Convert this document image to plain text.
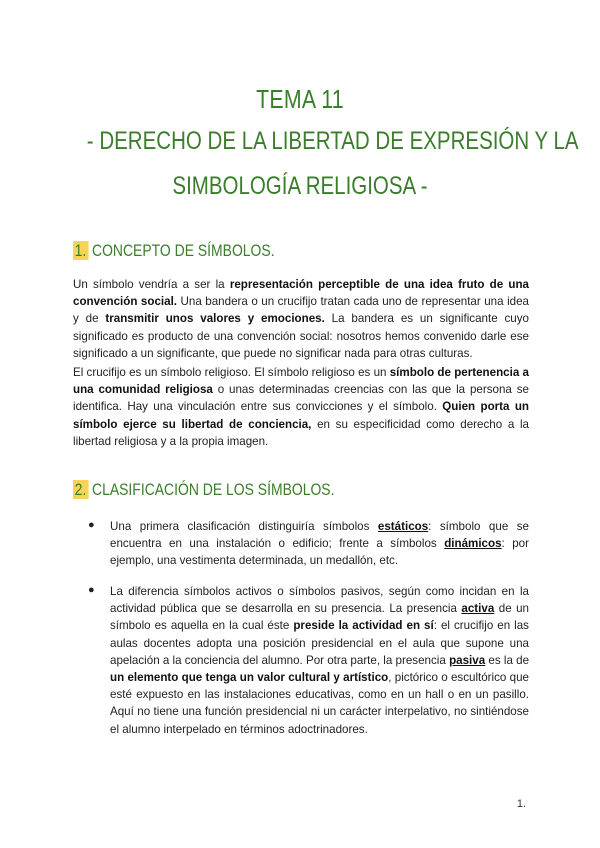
TEMA 11
- DERECHO DE LA LIBERTAD DE EXPRESIÓN Y LA
SIMBOLOGÍA RELIGIOSA -
1. CONCEPTO DE SÍMBOLOS.
Un símbolo vendría a ser la representación perceptible de una idea fruto de una convención social. Una bandera o un crucifijo tratan cada uno de representar una idea y de transmitir unos valores y emociones. La bandera es un significante cuyo significado es producto de una convención social: nosotros hemos convenido darle ese significado a un significante, que puede no significar nada para otras culturas.
El crucifijo es un símbolo religioso. El símbolo religioso es un símbolo de pertenencia a una comunidad religiosa o unas determinadas creencias con las que la persona se identifica. Hay una vinculación entre sus convicciones y el símbolo. Quien porta un símbolo ejerce su libertad de conciencia, en su especificidad como derecho a la libertad religiosa y a la propia imagen.
2. CLASIFICACIÓN DE LOS SÍMBOLOS.
●	Una primera clasificación distinguiría símbolos estáticos: símbolo que se encuentra en una instalación o edificio; frente a símbolos dinámicos: por ejemplo, una vestimenta determinada, un medallón, etc.
●	La diferencia símbolos activos o símbolos pasivos, según como incidan en la actividad pública que se desarrolla en su presencia. La presencia activa de un símbolo es aquella en la cual éste preside la actividad en sí: el crucifijo en las aulas docentes adopta una posición presidencial en el aula que supone una apelación a la conciencia del alumno. Por otra parte, la presencia pasiva es la de un elemento que tenga un valor cultural y artístico, pictórico o escultórico que esté expuesto en las instalaciones educativas, como en un hall o en un pasillo. Aquí no tiene una función presidencial ni un carácter interpelativo, no sintiéndose el alumno interpelado en términos adoctrinadores.
1.
